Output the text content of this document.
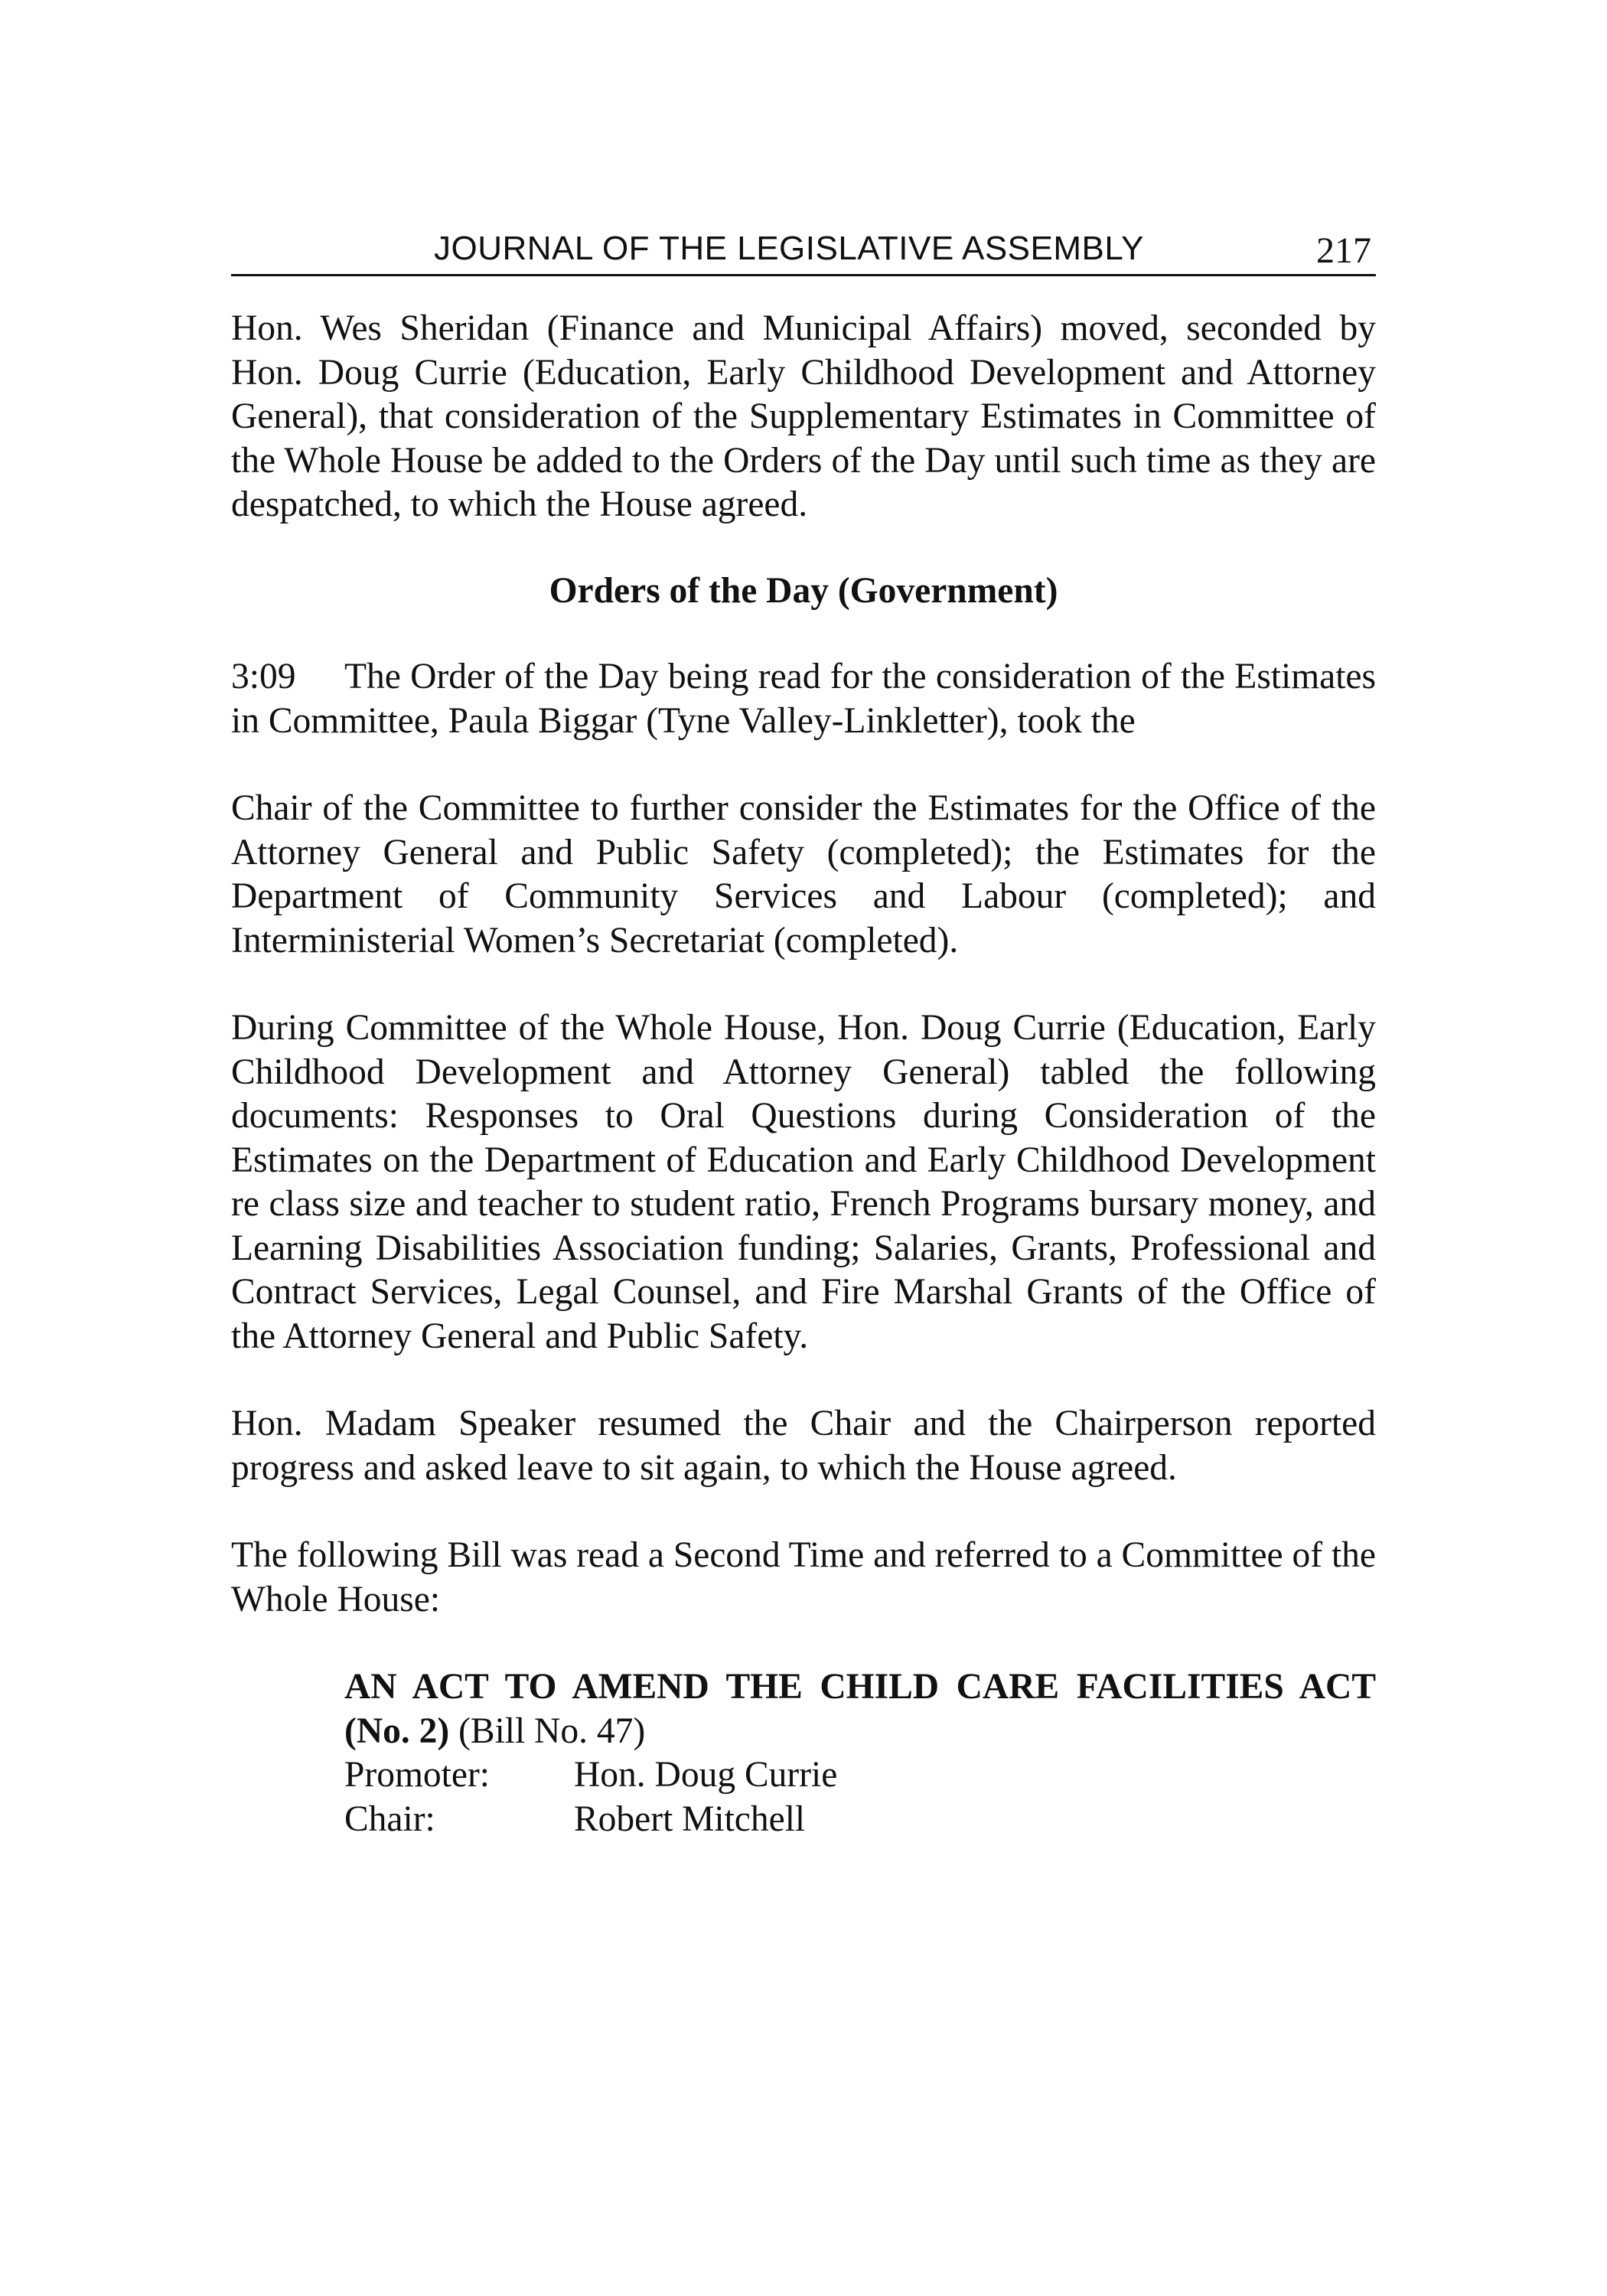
JOURNAL OF THE LEGISLATIVE ASSEMBLY	217

Hon. Wes Sheridan (Finance and Municipal Affairs) moved, seconded by Hon. Doug Currie (Education, Early Childhood Development and Attorney General), that consideration of the Supplementary Estimates in Committee of the Whole House be added to the Orders of the Day until such time as they are despatched, to which the House agreed.

Orders of the Day (Government)

3:09 The Order of the Day being read for the consideration of the Estimates in Committee, Paula Biggar (Tyne Valley-Linkletter), took the

Chair of the Committee to further consider the Estimates for the Office of the Attorney General and Public Safety (completed); the Estimates for the Department of Community Services and Labour (completed); and Interministerial Women’s Secretariat (completed).

During Committee of the Whole House, Hon. Doug Currie (Education, Early Childhood Development and Attorney General) tabled the following documents: Responses to Oral Questions during Consideration of the Estimates on the Department of Education and Early Childhood Development re class size and teacher to student ratio, French Programs bursary money, and Learning Disabilities Association funding; Salaries, Grants, Professional and Contract Services, Legal Counsel, and Fire Marshal Grants of the Office of the Attorney General and Public Safety.

Hon. Madam Speaker resumed the Chair and the Chairperson reported progress and asked leave to sit again, to which the House agreed.

The following Bill was read a Second Time and referred to a Committee of the Whole House:

AN ACT TO AMEND THE CHILD CARE FACILITIES ACT (No. 2) (Bill No. 47)

Promoter:	Hon. Doug Currie
Chair:	Robert Mitchell
